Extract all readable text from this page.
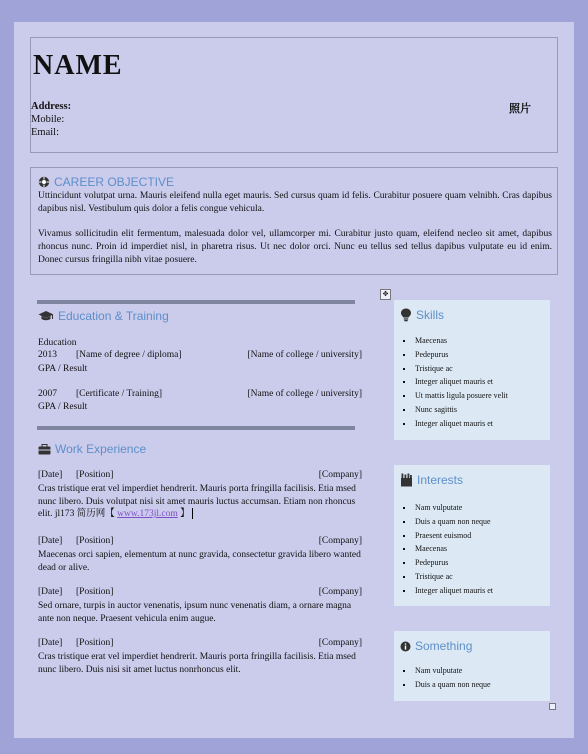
NAME
Address:
Mobile:
Email:
照片
CAREER OBJECTIVE
Uttincidunt volutpat urna. Mauris eleifend nulla eget mauris. Sed cursus quam id felis. Curabitur posuere quam velnibh. Cras dapibus dapibus nisl. Vestibulum quis dolor a felis congue vehicula.
Vivamus sollicitudin elit fermentum, malesuada dolor vel, ullamcorper mi. Curabitur justo quam, eleifend necleo sit amet, dapibus rhoncus nunc. Proin id imperdiet nisl, in pharetra risus. Ut nec dolor orci. Nunc eu tellus sed tellus dapibus vulputate eu id enim. Donec cursus fringilla nibh vitae posuere.
✥
Education & Training
Education
2013 [Name of degree / diploma]	[Name of college / university]
GPA / Result
2007 [Certificate / Training]	[Name of college / university]
GPA / Result
Work Experience
[Date] [Position]	[Company]
Cras tristique erat vel imperdiet hendrerit. Mauris porta fringilla facilisis. Etia msed nunc libero. Duis volutpat nisi sit amet mauris luctus accumsan. Etiam non rhoncus elit. jl173 简历网【 www.173jl.com 】
[Date] [Position]	[Company]
Maecenas orci sapien, elementum at nunc gravida, consectetur gravida libero wanted dead or alive.
[Date] [Position]	[Company]
Sed ornare, turpis in auctor venenatis, ipsum nunc venenatis diam, a ornare magna ante non neque. Praesent vehicula enim augue.
[Date] [Position]	[Company]
Cras tristique erat vel imperdiet hendrerit. Mauris porta fringilla facilisis. Etia msed nunc libero. Duis nisi sit amet luctus nonrhoncus elit.
Skills
▪ Maecenas
▪ Pedepurus
▪ Tristique ac
▪ Integer aliquet mauris et
▪ Ut mattis ligula posuere velit
▪ Nunc sagittis
▪ Integer aliquet mauris et
Interests
▪ Nam vulputate
▪ Duis a quam non neque
▪ Praesent euismod
▪ Maecenas
▪ Pedepurus
▪ Tristique ac
▪ Integer aliquet mauris et
Something
▪ Nam vulputate
▪ Duis a quam non neque
